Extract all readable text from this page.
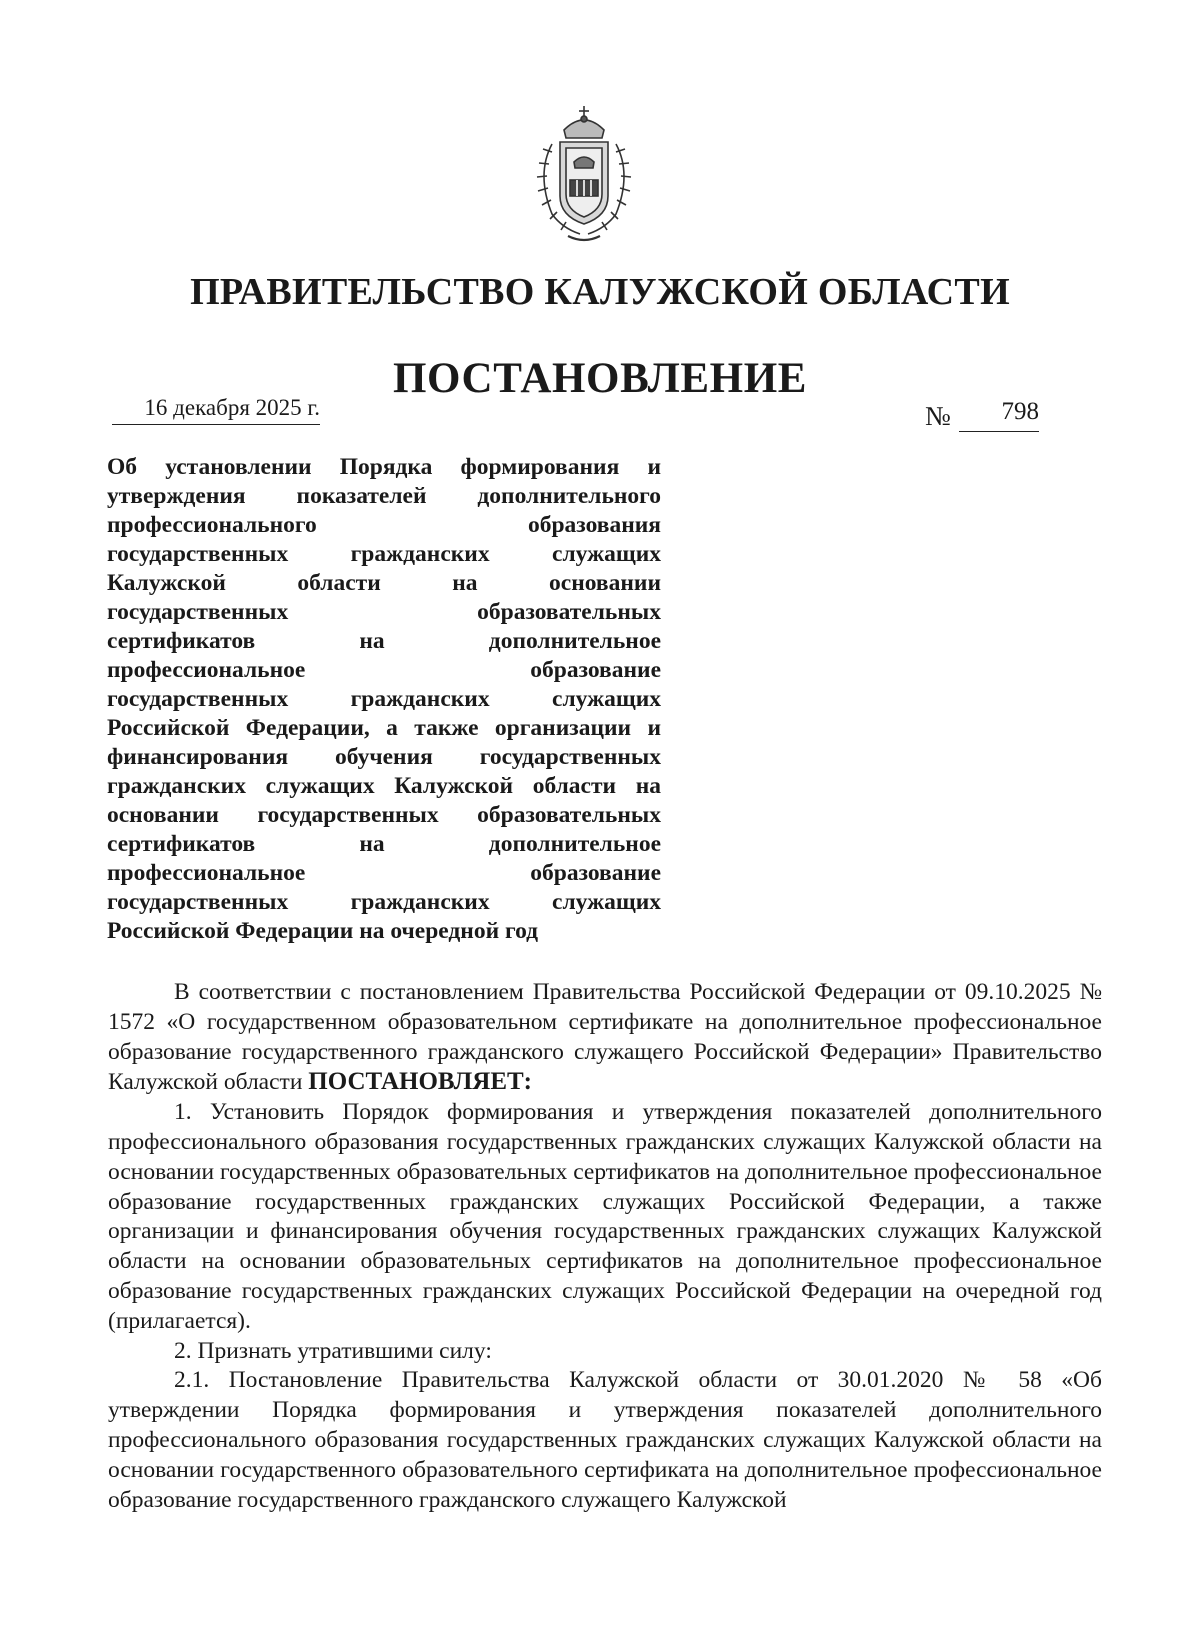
ПРАВИТЕЛЬСТВО КАЛУЖСКОЙ ОБЛАСТИ
ПОСТАНОВЛЕНИЕ
16 декабря 2025 г.	№ 798
Об установлении Порядка формирования и
утверждения показателей дополнительного
профессионального образования
государственных гражданских служащих
Калужской области на основании
государственных образовательных
сертификатов на дополнительное
профессиональное образование
государственных гражданских служащих
Российской Федерации, а также организации и
финансирования обучения государственных
гражданских служащих Калужской области на
основании государственных образовательных
сертификатов на дополнительное
профессиональное образование
государственных гражданских служащих
Российской Федерации на очередной год

В соответствии с постановлением Правительства Российской Федерации от 09.10.2025 № 1572 «О государственном образовательном сертификате на дополнительное профессиональное образование государственного гражданского служащего Российской Федерации» Правительство Калужской области ПОСТАНОВЛЯЕТ:

1. Установить Порядок формирования и утверждения показателей дополнительного профессионального образования государственных гражданских служащих Калужской области на основании государственных образовательных сертификатов на дополнительное профессиональное образование государственных гражданских служащих Российской Федерации, а также организации и финансирования обучения государственных гражданских служащих Калужской области на основании образовательных сертификатов на дополнительное профессиональное образование государственных гражданских служащих Российской Федерации на очередной год (прилагается).

2. Признать утратившими силу:

2.1. Постановление Правительства Калужской области от 30.01.2020 № 58 «Об утверждении Порядка формирования и утверждения показателей дополнительного профессионального образования государственных гражданских служащих Калужской области на основании государственного образовательного сертификата на дополнительное профессиональное образование государственного гражданского служащего Калужской
